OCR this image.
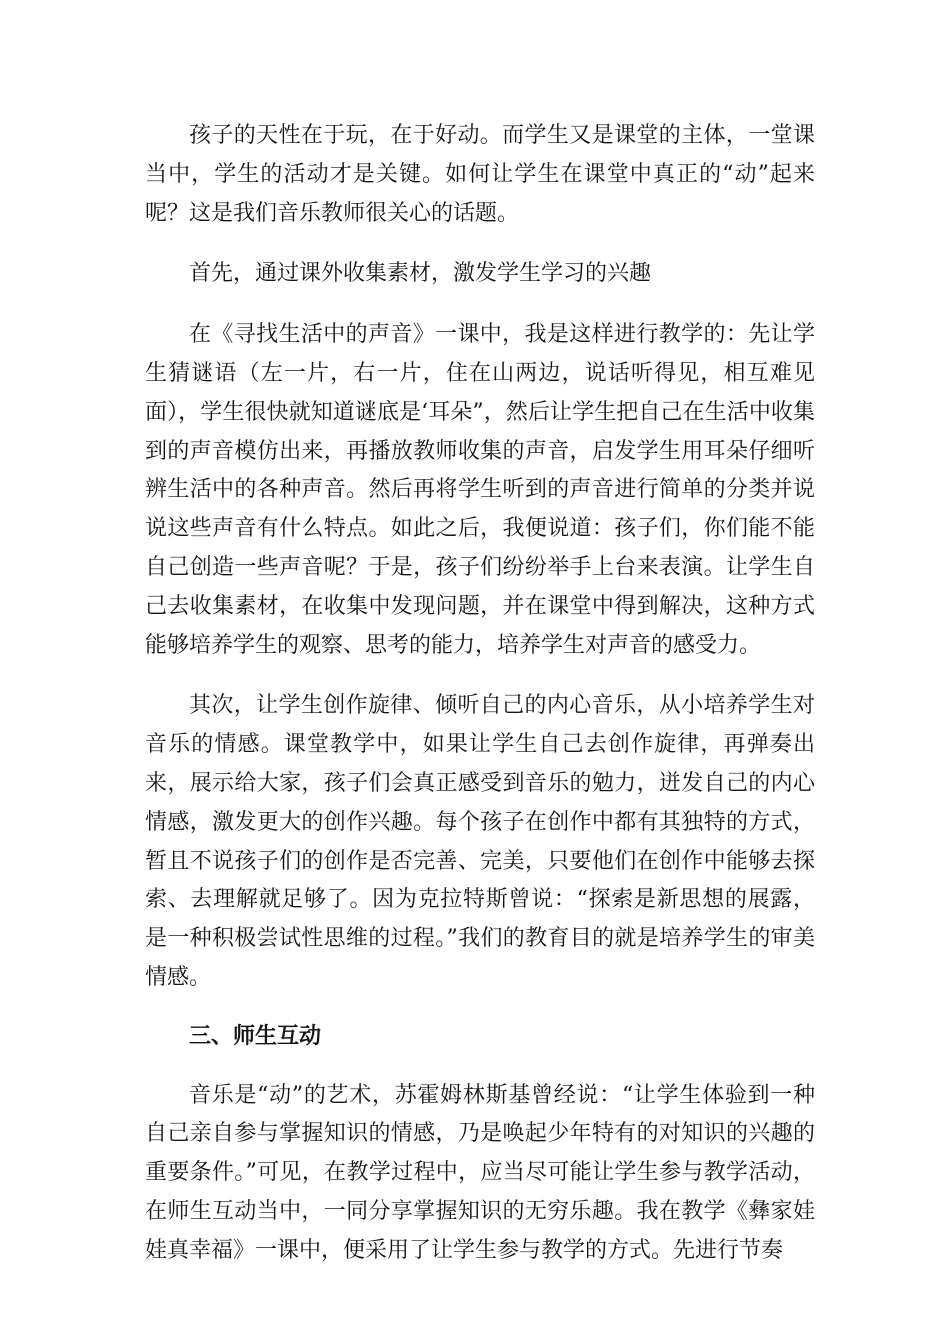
孩子的天性在于玩，在于好动。而学生又是课堂的主体，一堂课当中，学生的活动才是关键。如何让学生在课堂中真正的“动”起来呢？这是我们音乐教师很关心的话题。

首先，通过课外收集素材，激发学生学习的兴趣

在《寻找生活中的声音》一课中，我是这样进行教学的：先让学生猜谜语（左一片，右一片，住在山两边，说话听得见，相互难见面），学生很快就知道谜底是‘耳朵”，然后让学生把自己在生活中收集到的声音模仿出来，再播放教师收集的声音，启发学生用耳朵仔细听辨生活中的各种声音。然后再将学生听到的声音进行简单的分类并说说这些声音有什么特点。如此之后，我便说道：孩子们，你们能不能自己创造一些声音呢？于是，孩子们纷纷举手上台来表演。让学生自己去收集素材，在收集中发现问题，并在课堂中得到解决，这种方式能够培养学生的观察、思考的能力，培养学生对声音的感受力。

其次，让学生创作旋律、倾听自己的内心音乐，从小培养学生对音乐的情感。课堂教学中，如果让学生自己去创作旋律，再弹奏出来，展示给大家，孩子们会真正感受到音乐的勉力，迸发自己的内心情感，激发更大的创作兴趣。每个孩子在创作中都有其独特的方式，暂且不说孩子们的创作是否完善、完美，只要他们在创作中能够去探索、去理解就足够了。因为克拉特斯曾说：“探索是新思想的展露，是一种积极尝试性思维的过程。”我们的教育目的就是培养学生的审美情感。

三、师生互动

音乐是“动”的艺术，苏霍姆林斯基曾经说：“让学生体验到一种自己亲自参与掌握知识的情感，乃是唤起少年特有的对知识的兴趣的重要条件。”可见，在教学过程中，应当尽可能让学生参与教学活动，在师生互动当中，一同分享掌握知识的无穷乐趣。我在教学《彝家娃娃真幸福》一课中，便采用了让学生参与教学的方式。先进行节奏
